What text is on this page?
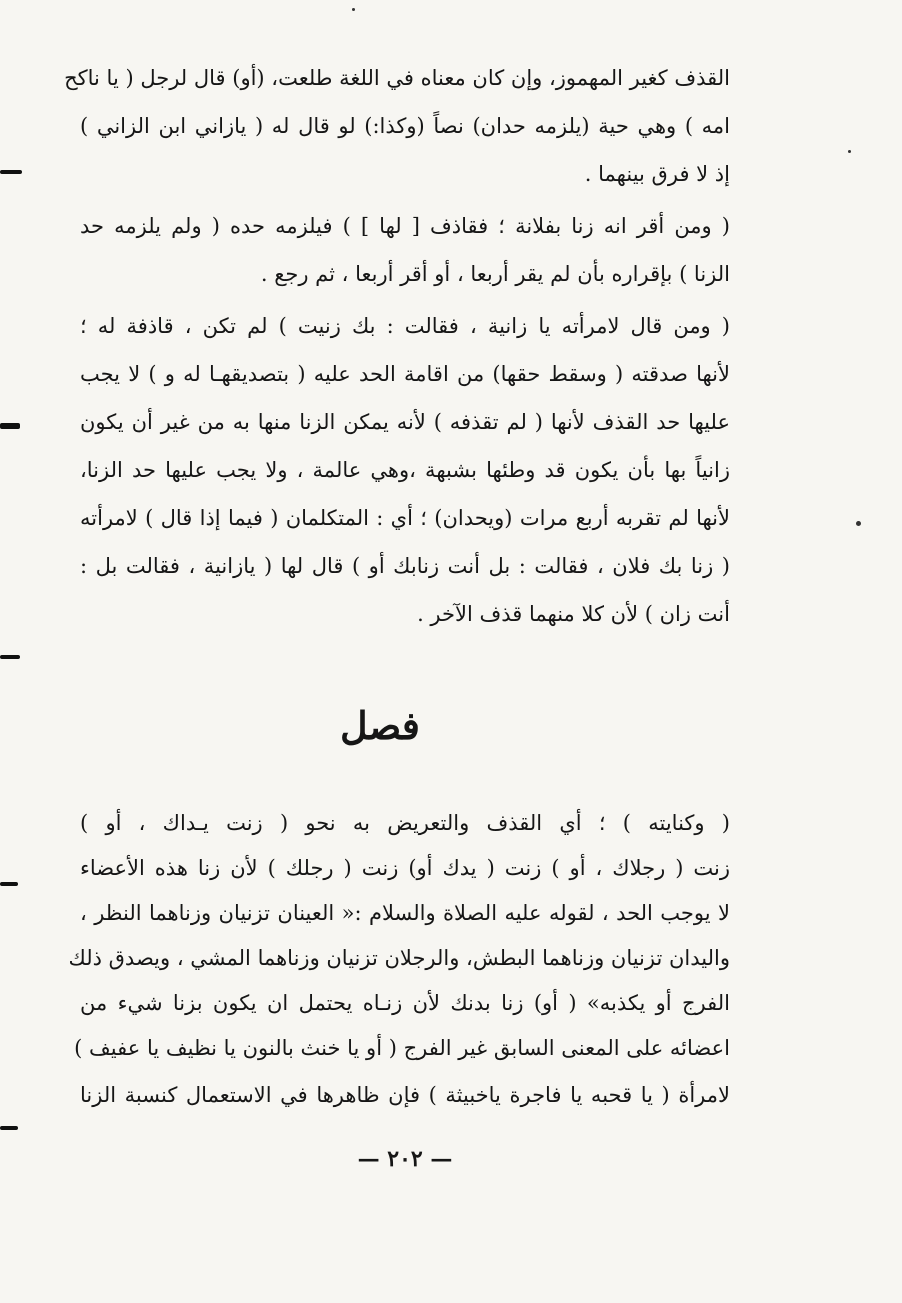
القذف كغير المهموز، وإن كان معناه في اللغة طلعت، (أو) قال لرجل ( يا ناكح
امه ) وهي حية (يلزمه حدان) نصاً (وكذا:) لو قال له ( يازاني ابن الزاني )
إذ لا فرق بينهما .
( ومن أقر انه زنا بفلانة ؛ فقاذف [ لها ] ) فيلزمه حده ( ولم يلزمه حد
الزنا ) بإقراره بأن لم يقر أربعا ، أو أقر أربعا ، ثم رجع .
( ومن قال لامرأته يا زانية ، فقالت : بك زنيت ) لم تكن ، قاذفة له ؛
لأنها صدقته ( وسقط حقها) من اقامة الحد عليه ( بتصديقهـا له و ) لا يجب
عليها حد القذف لأنها ( لم تقذفه ) لأنه يمكن الزنا منها به من غير أن يكون
زانياً بها بأن يكون قد وطئها بشبهة ،وهي عالمة ، ولا يجب عليها حد الزنا،
لأنها لم تقربه أربع مرات (ويحدان) ؛ أي : المتكلمان ( فيما إذا قال ) لامرأته
( زنا بك فلان ، فقالت : بل أنت زنابك أو ) قال لها ( يازانية ، فقالت بل :
أنت زان ) لأن كلا منهما قذف الآخر .
فصل
( وكنايته ) ؛ أي القذف والتعريض به نحو ( زنت يـداك ، أو )
زنت ( رجلاك ، أو ) زنت ( يدك أو) زنت ( رجلك ) لأن زنا هذه الأعضاء
لا يوجب الحد ، لقوله عليه الصلاة والسلام :« العينان تزنيان وزناهما النظر ،
واليدان تزنيان وزناهما البطش، والرجلان تزنيان وزناهما المشي ، ويصدق ذلك
الفرج أو يكذبه» ( أو) زنا بدنك لأن زنـاه يحتمل ان يكون بزنا شيء من
اعضائه على المعنى السابق غير الفرج ( أو يا خنث بالنون يا نظيف يا عفيف )
لامرأة ( يا قحبه يا فاجرة ياخبيثة ) فإن ظاهرها في الاستعمال كنسبة الزنا
— ٢٠٢ —
